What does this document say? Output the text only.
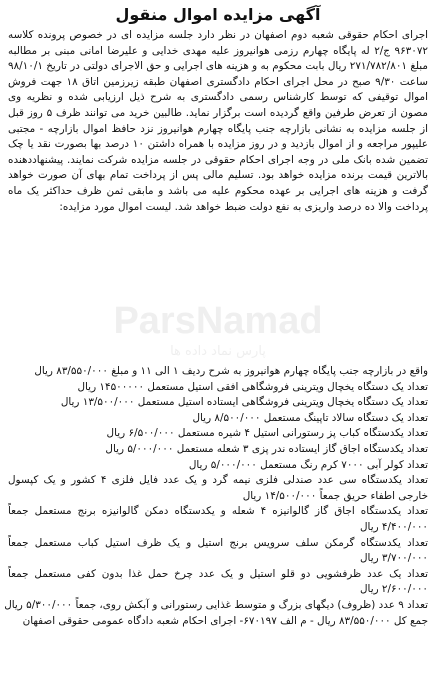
آگهی مزایده اموال منقول

اجرای احکام حقوقی شعبه دوم اصفهان در نظر دارد جلسه مزایده ای در خصوص پرونده کلاسه ۹۶۳۰۷۲ ج/۲ له پایگاه چهارم رزمی هوانیروز علیه مهدی خدایی و علیرضا امانی مبنی بر مطالبه مبلغ ۲۷۱/۷۸۲/۸۰۱ ریال بابت محکوم به و هزینه های اجرایی و حق الاجرای دولتی در تاریخ ۹۸/۱۰/۱ ساعت ۹/۳۰ صبح در محل اجرای احکام دادگستری اصفهان طبقه زیرزمین اتاق ۱۸ جهت فروش اموال توقیفی که توسط کارشناس رسمی دادگستری به شرح ذیل ارزیابی شده و نظریه وی مصون از تعرض طرفین واقع گردیده است برگزار نماید. طالبین خرید می توانند ظرف ۵ روز قبل از جلسه مزایده به نشانی بازارچه جنب پایگاه چهارم هوانیروز نزد حافظ اموال بازارچه - مجتبی علیپور مراجعه و از اموال بازدید و در روز مزایده با همراه داشتن ۱۰ درصد بها بصورت نقد یا چک تضمین شده بانک ملی در وجه اجرای احکام حقوقی در جلسه مزایده شرکت نمایند. پیشنهاددهنده بالاترین قیمت برنده مزایده خواهد بود. تسلیم مالی پس از پرداخت تمام بهای آن صورت خواهد گرفت و هزینه های اجرایی بر عهده محکوم علیه می باشد و مابقی ثمن ظرف حداکثر یک ماه پرداخت والا ده درصد واریزی به نفع دولت ضبط خواهد شد. لیست اموال مورد مزایده:

واقع در بازارچه جنب پایگاه چهارم هوانیروز به شرح ردیف ۱ الی ۱۱ و مبلغ ۸۳/۵۵۰/۰۰۰ ریال
تعداد یک دستگاه یخچال ویترینی فروشگاهی افقی استیل مستعمل ۱۴۵۰۰۰۰۰ ریال
تعداد یک دستگاه یخچال ویترینی فروشگاهی ایستاده استیل مستعمل ۱۳/۵۰۰/۰۰۰ ریال
تعداد یک دستگاه سالاد تاپینگ مستعمل ۸/۵۰۰/۰۰۰ ریال
تعداد یکدستگاه کباب پز رستورانی استیل ۴ شیره مستعمل ۶/۵۰۰/۰۰۰ ریال
تعداد یکدستگاه اجاق گاز ایستاده ندر پزی ۳ شعله مستعمل ۵/۰۰۰/۰۰۰ ریال
تعداد کولر آبی ۷۰۰۰ کرم رنگ مستعمل ۵/۰۰۰/۰۰۰ ریال
تعداد یکدستگاه سی عدد صندلی فلزی نیمه گرد و یک عدد فایل فلزی ۴ کشور و یک کپسول خارجی اطفاء حریق جمعاً ۱۴/۵۰۰/۰۰۰ ریال
تعداد یکدستگاه اجاق گاز گالوانیزه ۴ شعله و یکدستگاه دمکن گالوانیزه برنج مستعمل جمعاً ۴/۴۰۰/۰۰۰ ریال
تعداد یکدستگاه گرمکن سلف سرویس برنج استیل و یک ظرف استیل کباب مستعمل جمعاً ۳/۷۰۰/۰۰۰ ریال
تعداد یک عدد ظرفشویی دو قلو استیل و یک عدد چرخ حمل غذا بدون کفی مستعمل جمعاً ۲/۶۰۰/۰۰۰ ریال
تعداد ۹ عدد (ظروف) دیگهای بزرگ و متوسط غذایی رستورانی و آبکش روی، جمعاً ۵/۳۰۰/۰۰۰ ریال
جمع کل ۸۳/۵۵۰/۰۰۰ ریال - م الف ۶۷۰۱۹۷- اجرای احکام شعبه دادگاه عمومی حقوقی اصفهان
ParsNamad
پارس نماد داده ها
